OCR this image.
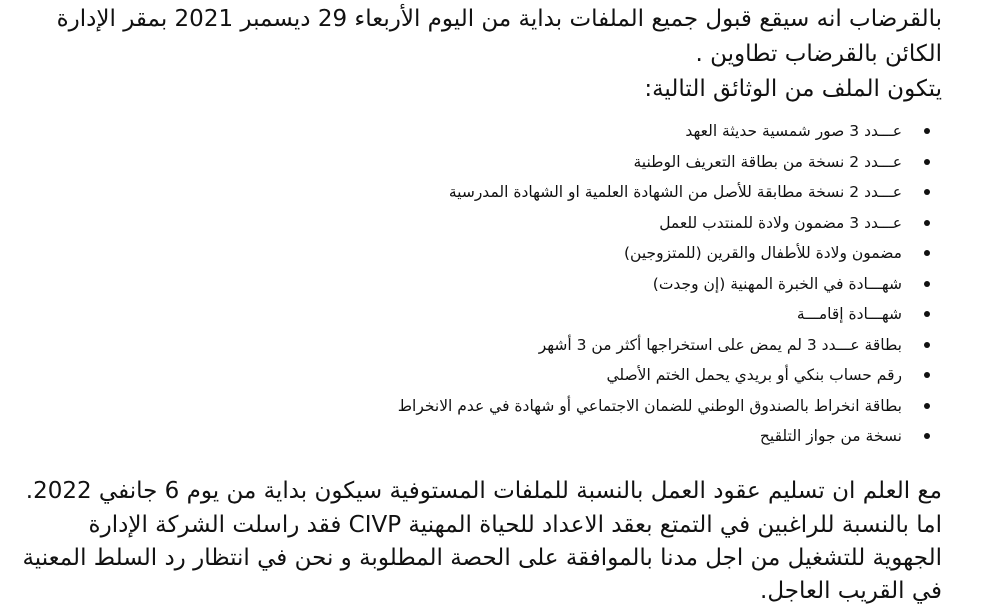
بالقرضاب انه سيقع قبول جميع الملفات بداية من اليوم الأربعاء 29 ديسمبر 2021 بمقر الإدارة
الكائن بالقرضاب تطاوين .
يتكون الملف من الوثائق التالية:
عـــدد 3 صور شمسية حديثة العهد
عـــدد 2 نسخة من بطاقة التعريف الوطنية
عـــدد 2 نسخة مطابقة للأصل من الشهادة العلمية او الشهادة المدرسية
عـــدد 3 مضمون ولادة للمنتدب للعمل
مضمون ولادة للأطفال والقرين (للمتزوجين)
شهـــادة في الخبرة المهنية (إن وجدت)
شهـــادة إقامـــة
بطاقة عـــدد 3 لم يمض على استخراجها أكثر من 3 أشهر
رقم حساب بنكي أو بريدي يحمل الختم الأصلي
بطاقة انخراط بالصندوق الوطني للضمان الاجتماعي أو شهادة في عدم الانخراط
نسخة من جواز التلقيح
مع العلم ان تسليم عقود العمل بالنسبة للملفات المستوفية سيكون بداية من يوم 6 جانفي 2022.
اما بالنسبة للراغبين في التمتع بعقد الاعداد للحياة المهنية CIVP فقد راسلت الشركة الإدارة
الجهوية للتشغيل من اجل مدنا بالموافقة على الحصة المطلوبة و نحن في انتظار رد السلط المعنية
في القريب العاجل.
